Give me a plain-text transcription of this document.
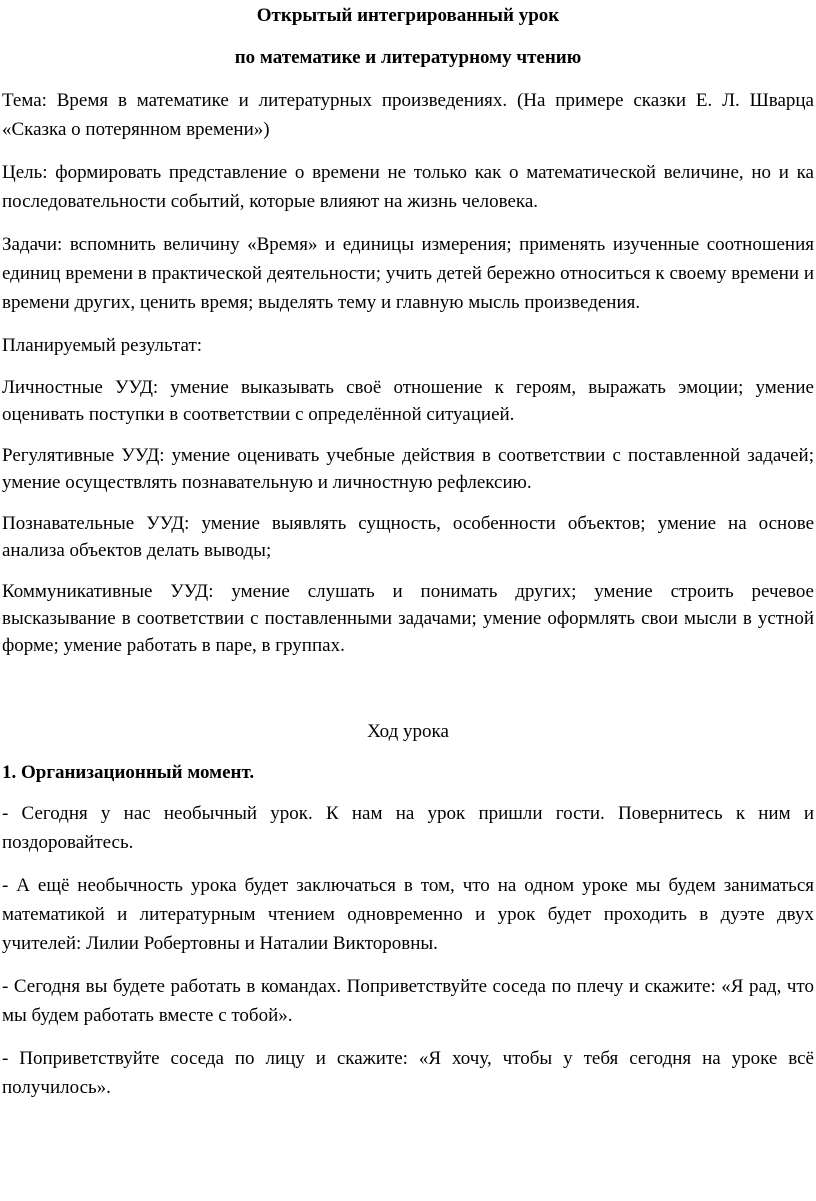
Открытый интегрированный урок
по математике и литературному чтению

Тема: Время в математике и литературных произведениях. (На примере сказки Е. Л. Шварца «Сказка о потерянном времени»)

Цель: формировать представление о времени не только как о математической величине, но и ка последовательности событий, которые влияют на жизнь человека.

Задачи: вспомнить величину «Время» и единицы измерения; применять изученные соотношения единиц времени в практической деятельности; учить детей бережно относиться к своему времени и времени других, ценить время; выделять тему и главную мысль произведения.

Планируемый результат:

Личностные УУД: умение выказывать своё отношение к героям, выражать эмоции; умение оценивать поступки в соответствии с определённой ситуацией.

Регулятивные УУД: умение оценивать учебные действия в соответствии с поставленной задачей; умение осуществлять познавательную и личностную рефлексию.

Познавательные УУД: умение выявлять сущность, особенности объектов; умение на основе анализа объектов делать выводы;

Коммуникативные УУД: умение слушать и понимать других; умение строить речевое высказывание в соответствии с поставленными задачами; умение оформлять свои мысли в устной форме; умение работать в паре, в группах.

Ход урока

1. Организационный момент.

- Сегодня у нас необычный урок. К нам на урок пришли гости. Повернитесь к ним и поздоровайтесь.

- А ещё необычность урока будет заключаться в том, что на одном уроке мы будем заниматься математикой и литературным чтением одновременно и урок будет проходить в дуэте двух учителей: Лилии Робертовны и Наталии Викторовны.

- Сегодня вы будете работать в командах. Поприветствуйте соседа по плечу и скажите: «Я рад, что мы будем работать вместе с тобой».

- Поприветствуйте соседа по лицу и скажите: «Я хочу, чтобы у тебя сегодня на уроке всё получилось».
